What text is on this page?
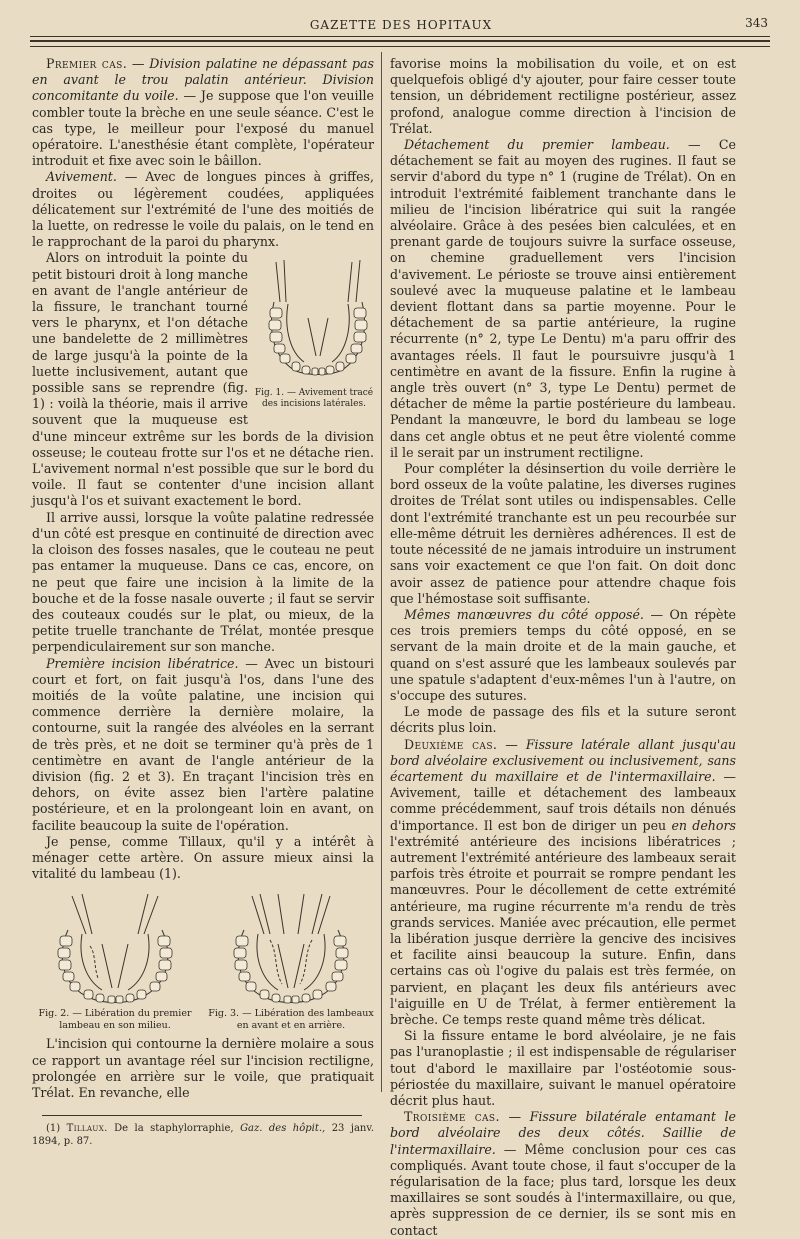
GAZETTE DES HOPITAUX	343

Premier cas. — Division palatine ne dépassant pas en avant le trou palatin antérieur. Division concomitante du voile. — Je suppose que l'on veuille combler toute la brèche en une seule séance. C'est le cas type, le meilleur pour l'exposé du manuel opératoire. L'anesthésie étant complète, l'opérateur introduit et fixe avec soin le bâillon.

Avivement. — Avec de longues pinces à griffes, droites ou légèrement coudées, appliquées délicatement sur l'extrémité de l'une des moitiés de la luette, on redresse le voile du palais, on le tend en le rapprochant de la paroi du pharynx.

Fig. 1. — Avivement tracé des incisions latérales.
Alors on introduit la pointe du petit bistouri droit à long manche en avant de l'angle antérieur de la fissure, le tranchant tourné vers le pharynx, et l'on détache une bandelette de 2 millimètres de large jusqu'à la pointe de la luette inclusivement, autant que possible sans se reprendre (fig. 1) : voilà la théorie, mais il arrive souvent que la muqueuse est d'une minceur extrême sur les bords de la division osseuse; le couteau frotte sur l'os et ne détache rien. L'avivement normal n'est possible que sur le bord du voile. Il faut se contenter d'une incision allant jusqu'à l'os et suivant exactement le bord.

Il arrive aussi, lorsque la voûte palatine redressée d'un côté est presque en continuité de direction avec la cloison des fosses nasales, que le couteau ne peut pas entamer la muqueuse. Dans ce cas, encore, on ne peut que faire une incision à la limite de la bouche et de la fosse nasale ouverte ; il faut se servir des couteaux coudés sur le plat, ou mieux, de la petite truelle tranchante de Trélat, montée presque perpendiculairement sur son manche.

Première incision libératrice. — Avec un bistouri court et fort, on fait jusqu'à l'os, dans l'une des moitiés de la voûte palatine, une incision qui commence derrière la dernière molaire, la contourne, suit la rangée des alvéoles en la serrant de très près, et ne doit se terminer qu'à près de 1 centimètre en avant de l'angle antérieur de la division (fig. 2 et 3). En traçant l'incision très en dehors, on évite assez bien l'artère palatine postérieure, et en la prolongeant loin en avant, on facilite beaucoup la suite de l'opération.

Je pense, comme Tillaux, qu'il y a intérêt à ménager cette artère. On assure mieux ainsi la vitalité du lambeau (1).

Fig. 2. — Libération du premier lambeau en son milieu.
Fig. 3. — Libération des lambeaux en avant et en arrière.

L'incision qui contourne la dernière molaire a sous ce rapport un avantage réel sur l'incision rectiligne, prolongée en arrière sur le voile, que pratiquait Trélat. En revanche, elle

(1) Tillaux. De la staphylorraphie, Gaz. des hôpit., 23 janv. 1894, p. 87.

favorise moins la mobilisation du voile, et on est quelquefois obligé d'y ajouter, pour faire cesser toute tension, un débridement rectiligne postérieur, assez profond, analogue comme direction à l'incision de Trélat.

Détachement du premier lambeau. — Ce détachement se fait au moyen des rugines. Il faut se servir d'abord du type n° 1 (rugine de Trélat). On en introduit l'extrémité faiblement tranchante dans le milieu de l'incision libératrice qui suit la rangée alvéolaire. Grâce à des pesées bien calculées, et en prenant garde de toujours suivre la surface osseuse, on chemine graduellement vers l'incision d'avivement. Le périoste se trouve ainsi entièrement soulevé avec la muqueuse palatine et le lambeau devient flottant dans sa partie moyenne. Pour le détachement de sa partie antérieure, la rugine récurrente (n° 2, type Le Dentu) m'a paru offrir des avantages réels. Il faut le poursuivre jusqu'à 1 centimètre en avant de la fissure. Enfin la rugine à angle très ouvert (n° 3, type Le Dentu) permet de détacher de même la partie postérieure du lambeau. Pendant la manœuvre, le bord du lambeau se loge dans cet angle obtus et ne peut être violenté comme il le serait par un instrument rectiligne.

Pour compléter la désinsertion du voile derrière le bord osseux de la voûte palatine, les diverses rugines droites de Trélat sont utiles ou indispensables. Celle dont l'extrémité tranchante est un peu recourbée sur elle-même détruit les dernières adhérences. Il est de toute nécessité de ne jamais introduire un instrument sans voir exactement ce que l'on fait. On doit donc avoir assez de patience pour attendre chaque fois que l'hémostase soit suffisante.

Mêmes manœuvres du côté opposé. — On répète ces trois premiers temps du côté opposé, en se servant de la main droite et de la main gauche, et quand on s'est assuré que les lambeaux soulevés par une spatule s'adaptent d'eux-mêmes l'un à l'autre, on s'occupe des sutures.

Le mode de passage des fils et la suture seront décrits plus loin.

Deuxième cas. — Fissure latérale allant jusqu'au bord alvéolaire exclusivement ou inclusivement, sans écartement du maxillaire et de l'intermaxillaire. — Avivement, taille et détachement des lambeaux comme précédemment, sauf trois détails non dénués d'importance. Il est bon de diriger un peu en dehors l'extrémité antérieure des incisions libératrices ; autrement l'extrémité antérieure des lambeaux serait parfois très étroite et pourrait se rompre pendant les manœuvres. Pour le décollement de cette extrémité antérieure, ma rugine récurrente m'a rendu de très grands services. Maniée avec précaution, elle permet la libération jusque derrière la gencive des incisives et facilite ainsi beaucoup la suture. Enfin, dans certains cas où l'ogive du palais est très fermée, on parvient, en plaçant les deux fils antérieurs avec l'aiguille en U de Trélat, à fermer entièrement la brèche. Ce temps reste quand même très délicat.

Si la fissure entame le bord alvéolaire, je ne fais pas l'uranoplastie ; il est indispensable de régulariser tout d'abord le maxillaire par l'ostéotomie sous-périostée du maxillaire, suivant le manuel opératoire décrit plus haut.

Troisième cas. — Fissure bilatérale entamant le bord alvéolaire des deux côtés. Saillie de l'intermaxillaire. — Même conclusion pour ces cas compliqués. Avant toute chose, il faut s'occuper de la régularisation de la face; plus tard, lorsque les deux maxillaires se sont soudés à l'intermaxillaire, ou que, après suppression de ce dernier, ils se sont mis en contact
